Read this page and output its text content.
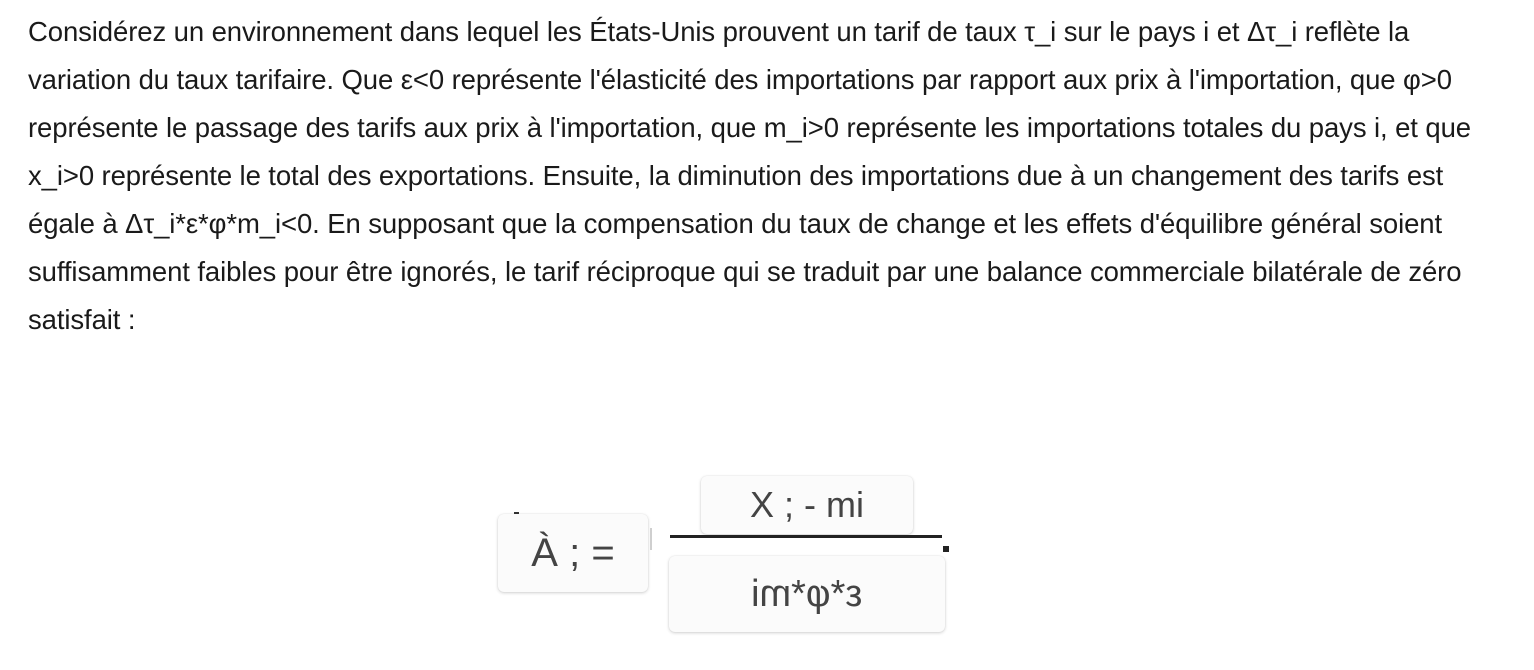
Considérez un environnement dans lequel les États-Unis prouvent un tarif de taux τ_i sur le pays i et Δτ_i reflète la variation du taux tarifaire. Que ε<0 représente l'élasticité des importations par rapport aux prix à l'importation, que φ>0 représente le passage des tarifs aux prix à l'importation, que m_i>0 représente les importations totales du pays i, et que x_i>0 représente le total des exportations. Ensuite, la diminution des importations due à un changement des tarifs est égale à Δτ_i*ε*φ*m_i<0. En supposant que la compensation du taux de change et les effets d'équilibre général soient suffisamment faibles pour être ignorés, le tarif réciproque qui se traduit par une balance commerciale bilatérale de zéro satisfait :

À ; =
X ; - mi
ε*φ*mi
